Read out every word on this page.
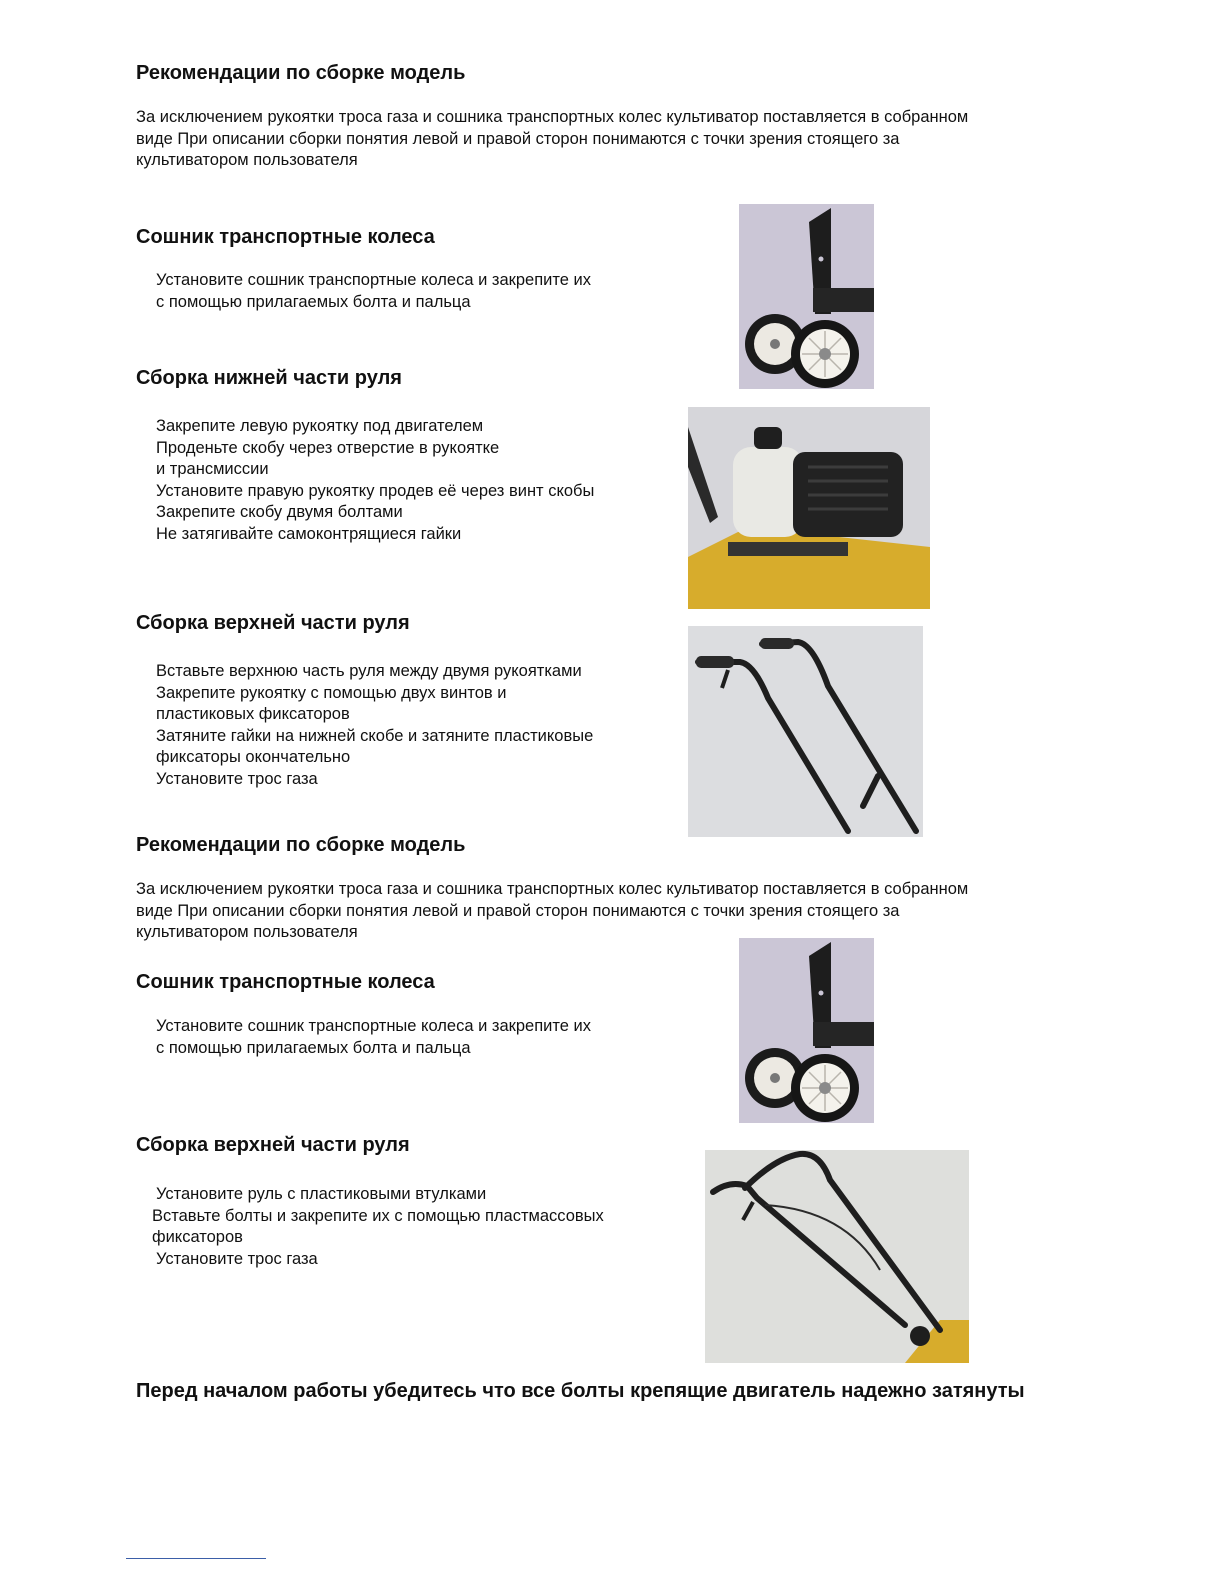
Рекомендации по сборке модель
За исключением рукоятки троса газа и сошника транспортных колес культиватор поставляется в собранном
виде При описании сборки понятия левой и правой сторон понимаются с точки зрения стоящего за
культиватором пользователя
Сошник транспортные колеса
Установите сошник транспортные колеса и закрепите их
с помощью прилагаемых болта и пальца
Сборка нижней части руля
Закрепите левую рукоятку под двигателем
Проденьте скобу через отверстие в рукоятке
и трансмиссии
Установите правую рукоятку продев её через винт скобы
Закрепите скобу двумя болтами
Не затягивайте самоконтрящиеся гайки
Сборка верхней части руля
Вставьте верхнюю часть руля между двумя рукоятками
Закрепите рукоятку с помощью двух винтов и
пластиковых фиксаторов
Затяните гайки на нижней скобе и затяните пластиковые
фиксаторы окончательно
Установите трос газа
Рекомендации по сборке модель
За исключением рукоятки троса газа и сошника транспортных колес культиватор поставляется в собранном
виде При описании сборки понятия левой и правой сторон понимаются с точки зрения стоящего за
культиватором пользователя
Сошник транспортные колеса
Установите сошник транспортные колеса и закрепите их
с помощью прилагаемых болта и пальца
Сборка верхней части руля
Установите руль с пластиковыми втулками
Вставьте болты и закрепите их с помощью пластмассовых
фиксаторов
Установите трос газа
Перед началом работы убедитесь что все болты крепящие двигатель надежно затянуты
